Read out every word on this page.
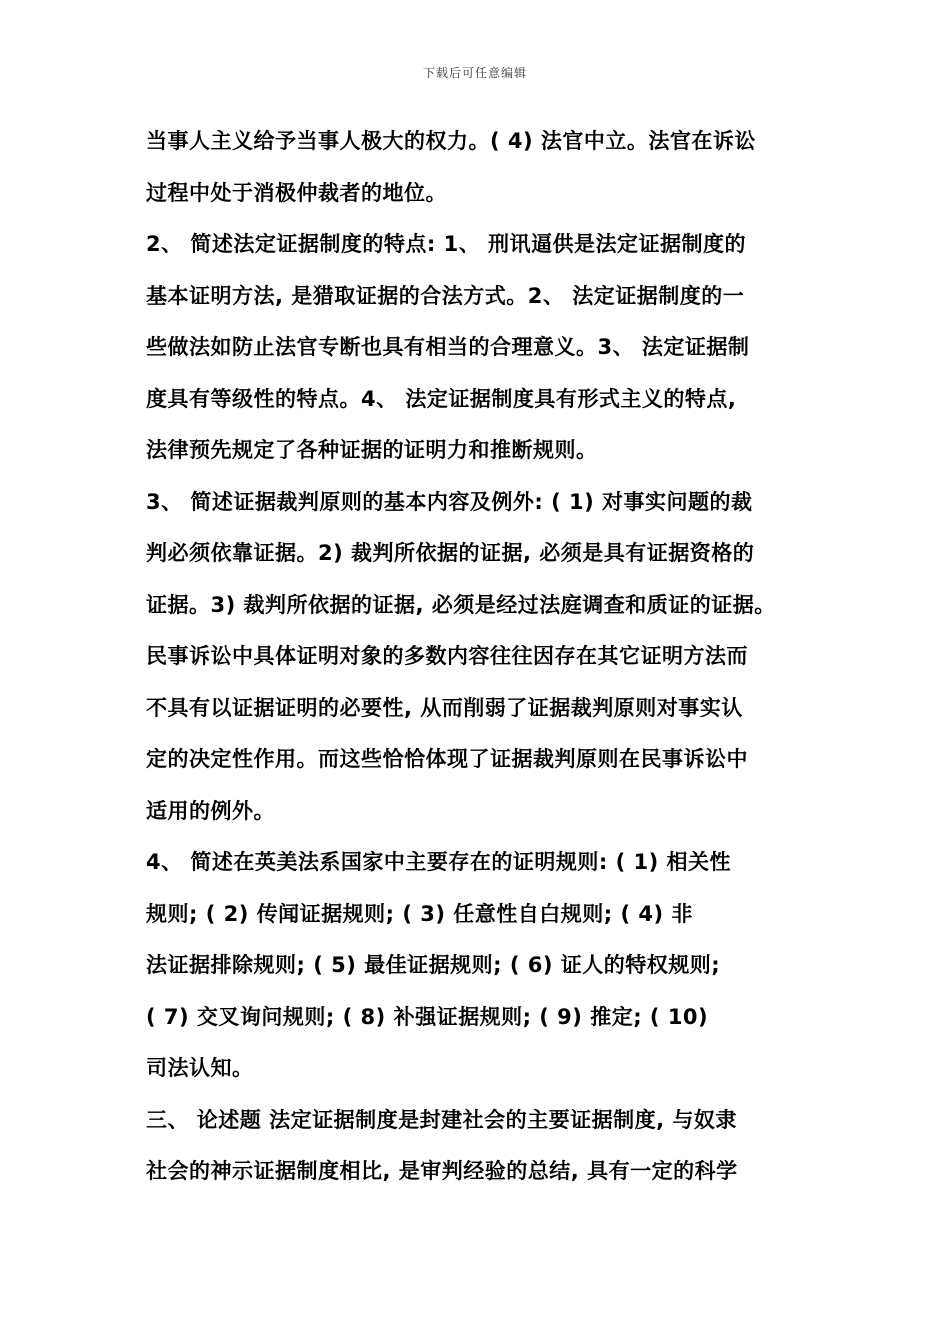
下载后可任意编辑
当事人主义给予当事人极大的权力。( 4) 法官中立。法官在诉讼
过程中处于消极仲裁者的地位。
2、 简述法定证据制度的特点: 1、 刑讯逼供是法定证据制度的
基本证明方法, 是猎取证据的合法方式。2、 法定证据制度的一
些做法如防止法官专断也具有相当的合理意义。3、 法定证据制
度具有等级性的特点。4、 法定证据制度具有形式主义的特点,
法律预先规定了各种证据的证明力和推断规则。
3、 简述证据裁判原则的基本内容及例外: ( 1) 对事实问题的裁
判必须依靠证据。2) 裁判所依据的证据, 必须是具有证据资格的
证据。3) 裁判所依据的证据, 必须是经过法庭调查和质证的证据。
民事诉讼中具体证明对象的多数内容往往因存在其它证明方法而
不具有以证据证明的必要性, 从而削弱了证据裁判原则对事实认
定的决定性作用。而这些恰恰体现了证据裁判原则在民事诉讼中
适用的例外。
4、 简述在英美法系国家中主要存在的证明规则: ( 1) 相关性
规则; ( 2) 传闻证据规则; ( 3) 任意性自白规则; ( 4) 非
法证据排除规则; ( 5) 最佳证据规则; ( 6) 证人的特权规则;
( 7) 交叉询问规则; ( 8) 补强证据规则; ( 9) 推定; ( 10)
司法认知。
三、 论述题 法定证据制度是封建社会的主要证据制度, 与奴隶
社会的神示证据制度相比, 是审判经验的总结, 具有一定的科学
